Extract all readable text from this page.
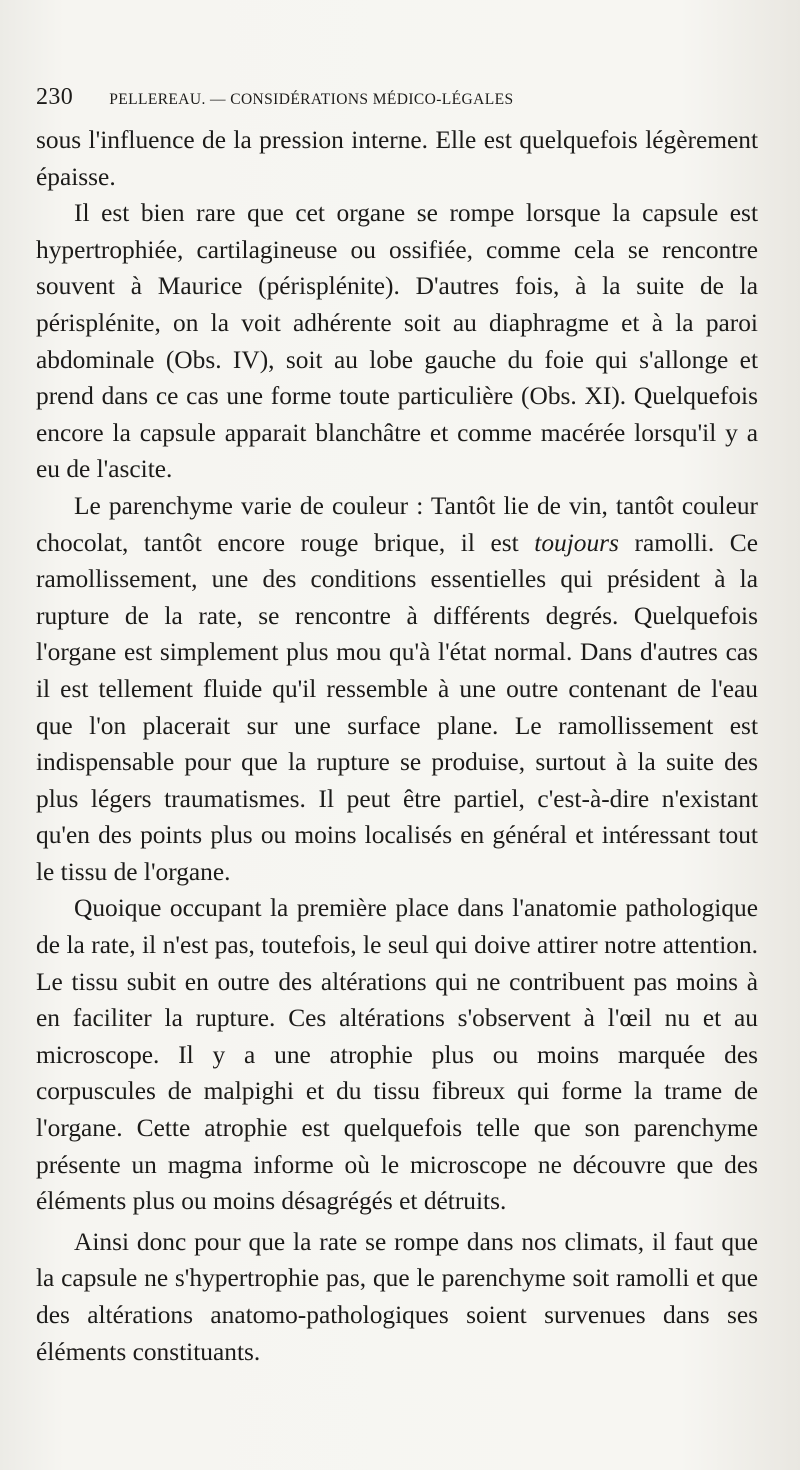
230 PELLEREAU. — CONSIDÉRATIONS MÉDICO-LÉGALES

sous l'influence de la pression interne. Elle est quelquefois légèrement épaisse.

Il est bien rare que cet organe se rompe lorsque la capsule est hypertrophiée, cartilagineuse ou ossifiée, comme cela se rencontre souvent à Maurice (périsplénite). D'autres fois, à la suite de la périsplénite, on la voit adhérente soit au diaphragme et à la paroi abdominale (Obs. IV), soit au lobe gauche du foie qui s'allonge et prend dans ce cas une forme toute particulière (Obs. XI). Quelquefois encore la capsule apparait blanchâtre et comme macérée lorsqu'il y a eu de l'ascite.

Le parenchyme varie de couleur : Tantôt lie de vin, tantôt couleur chocolat, tantôt encore rouge brique, il est toujours ramolli. Ce ramollissement, une des conditions essentielles qui président à la rupture de la rate, se rencontre à différents degrés. Quelquefois l'organe est simplement plus mou qu'à l'état normal. Dans d'autres cas il est tellement fluide qu'il ressemble à une outre contenant de l'eau que l'on placerait sur une surface plane. Le ramollissement est indispensable pour que la rupture se produise, surtout à la suite des plus légers traumatismes. Il peut être partiel, c'est-à-dire n'existant qu'en des points plus ou moins localisés en général et intéressant tout le tissu de l'organe.

Quoique occupant la première place dans l'anatomie pathologique de la rate, il n'est pas, toutefois, le seul qui doive attirer notre attention. Le tissu subit en outre des altérations qui ne contribuent pas moins à en faciliter la rupture. Ces altérations s'observent à l'œil nu et au microscope. Il y a une atrophie plus ou moins marquée des corpuscules de malpighi et du tissu fibreux qui forme la trame de l'organe. Cette atrophie est quelquefois telle que son parenchyme présente un magma informe où le microscope ne découvre que des éléments plus ou moins désagrégés et détruits.

Ainsi donc pour que la rate se rompe dans nos climats, il faut que la capsule ne s'hypertrophie pas, que le parenchyme soit ramolli et que des altérations anatomo-pathologiques soient survenues dans ses éléments constituants.
